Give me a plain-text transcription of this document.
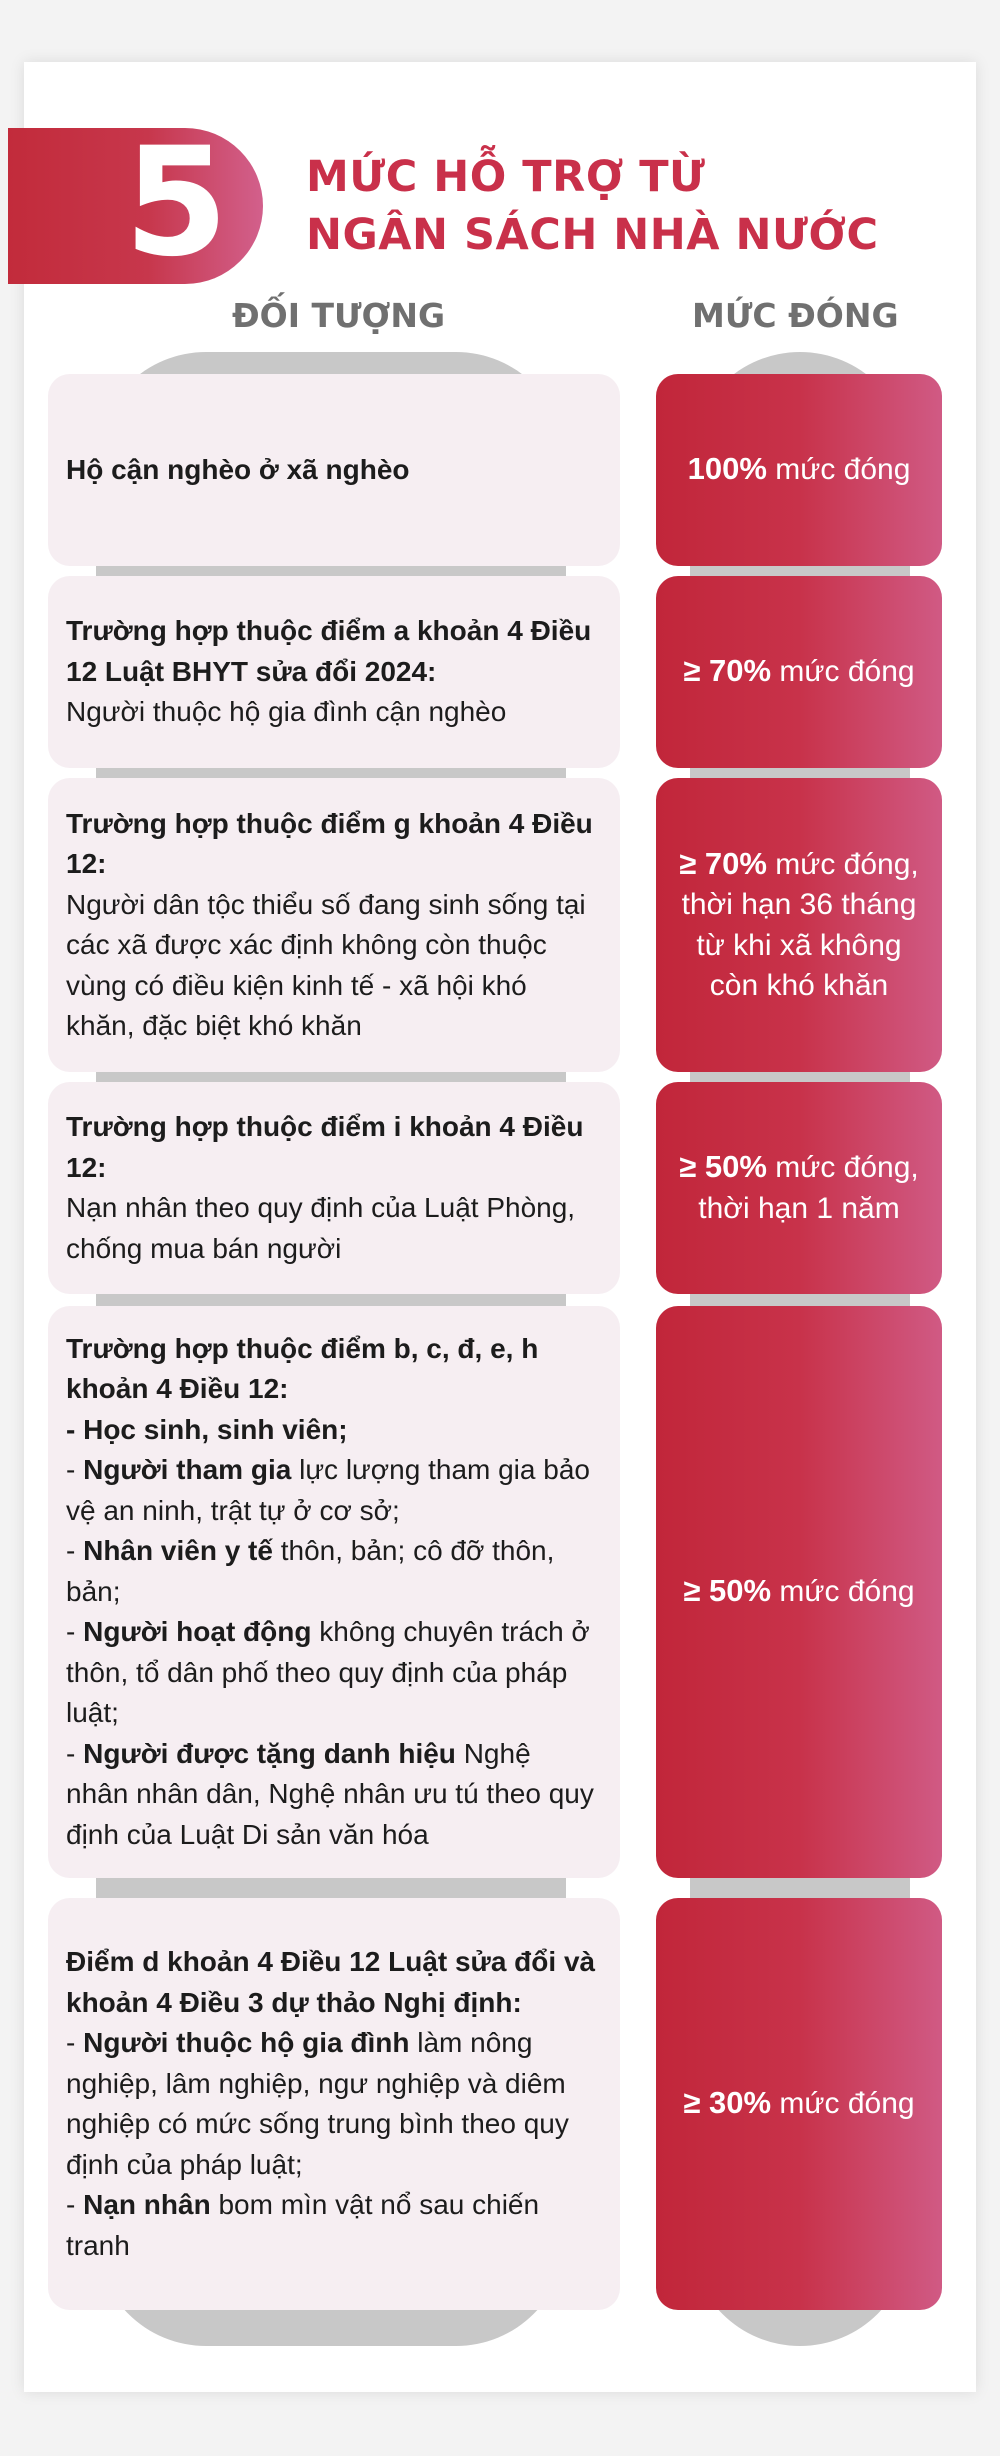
5 MỨC HỖ TRỢ TỪ
NGÂN SÁCH NHÀ NƯỚC
ĐỐI TƯỢNG	MỨC ĐÓNG
Hộ cận nghèo ở xã nghèo	100% mức đóng
Trường hợp thuộc điểm a khoản 4 Điều 12 Luật BHYT sửa đổi 2024:
Người thuộc hộ gia đình cận nghèo
≥ 70% mức đóng
Trường hợp thuộc điểm g khoản 4 Điều 12:
Người dân tộc thiểu số đang sinh sống tại các xã được xác định không còn thuộc vùng có điều kiện kinh tế - xã hội khó khăn, đặc biệt khó khăn
≥ 70% mức đóng, thời hạn 36 tháng từ khi xã không còn khó khăn
Trường hợp thuộc điểm i khoản 4 Điều 12:
Nạn nhân theo quy định của Luật Phòng, chống mua bán người
≥ 50% mức đóng, thời hạn 1 năm
Trường hợp thuộc điểm b, c, đ, e, h khoản 4 Điều 12:
- Học sinh, sinh viên;
- Người tham gia lực lượng tham gia bảo vệ an ninh, trật tự ở cơ sở;
- Nhân viên y tế thôn, bản; cô đỡ thôn, bản;
- Người hoạt động không chuyên trách ở thôn, tổ dân phố theo quy định của pháp luật;
- Người được tặng danh hiệu Nghệ nhân nhân dân, Nghệ nhân ưu tú theo quy định của Luật Di sản văn hóa
≥ 50% mức đóng
Điểm d khoản 4 Điều 12 Luật sửa đổi và khoản 4 Điều 3 dự thảo Nghị định:
- Người thuộc hộ gia đình làm nông nghiệp, lâm nghiệp, ngư nghiệp và diêm nghiệp có mức sống trung bình theo quy định của pháp luật;
- Nạn nhân bom mìn vật nổ sau chiến tranh
≥ 30% mức đóng
